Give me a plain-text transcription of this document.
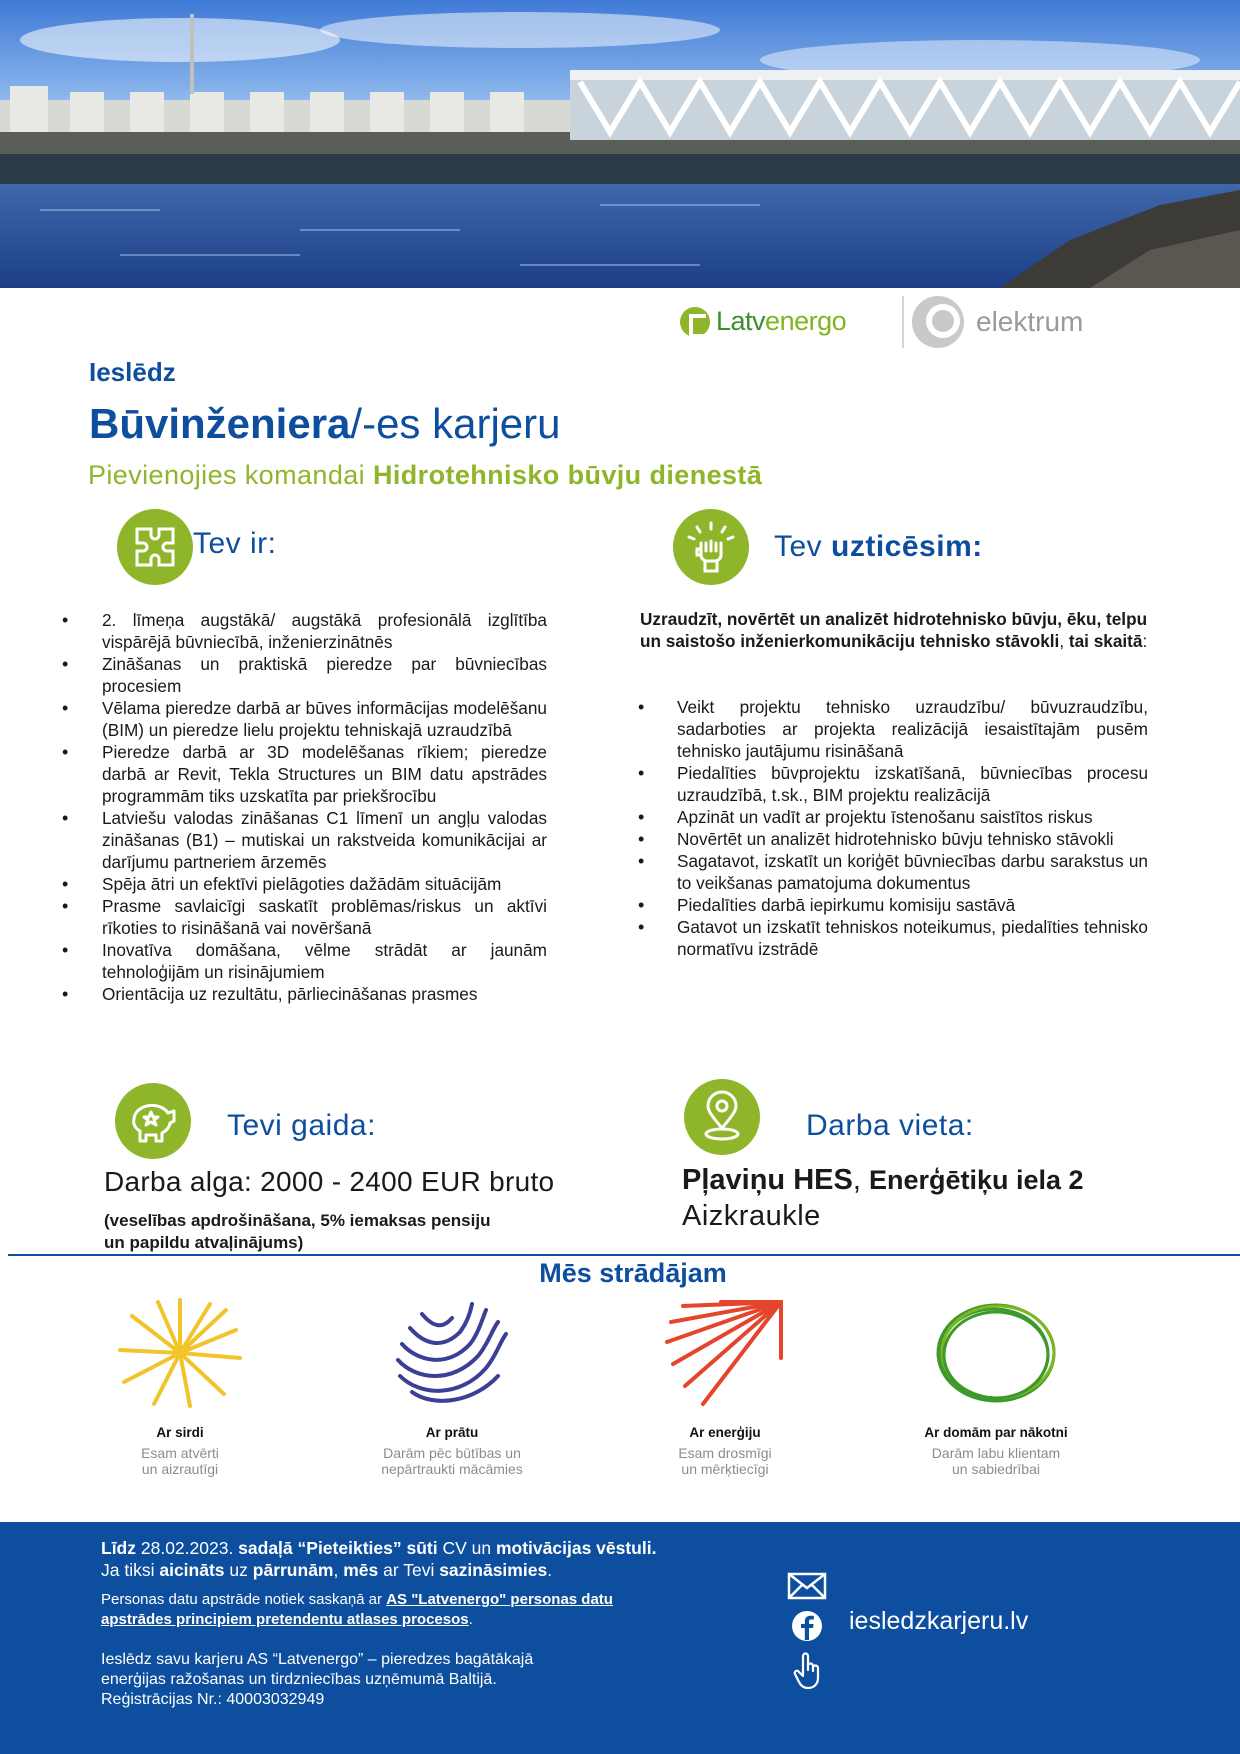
Latvenergo	elektrum
Ieslēdz
Būvinženiera/-es karjeru
Pievienojies komandai Hidrotehnisko būvju dienestā
Tev ir:
• 2. līmeņa augstākā/ augstākā profesionālā izglītība vispārējā būvniecībā, inženierzinātnēs
• Zināšanas un praktiskā pieredze par būvniecības procesiem
• Vēlama pieredze darbā ar būves informācijas modelēšanu (BIM) un pieredze lielu projektu tehniskajā uzraudzībā
• Pieredze darbā ar 3D modelēšanas rīkiem; pieredze darbā ar Revit, Tekla Structures un BIM datu apstrādes programmām tiks uzskatīta par priekšrocību
• Latviešu valodas zināšanas C1 līmenī un angļu valodas zināšanas (B1) – mutiskai un rakstveida komunikācijai ar darījumu partneriem ārzemēs
• Spēja ātri un efektīvi pielāgoties dažādām situācijām
• Prasme savlaicīgi saskatīt problēmas/riskus un aktīvi rīkoties to risināšanā vai novēršanā
• Inovatīva domāšana, vēlme strādāt ar jaunām tehnoloģijām un risinājumiem
• Orientācija uz rezultātu, pārliecināšanas prasmes
Tev uzticēsim:
Uzraudzīt, novērtēt un analizēt hidrotehnisko būvju, ēku, telpu un saistošo inženierkomunikāciju tehnisko stāvokli, tai skaitā:
• Veikt projektu tehnisko uzraudzību/ būvuzraudzību, sadarboties ar projekta realizācijā iesaistītajām pusēm tehnisko jautājumu risināšanā
• Piedalīties būvprojektu izskatīšanā, būvniecības procesu uzraudzībā, t.sk., BIM projektu realizācijā
• Apzināt un vadīt ar projektu īstenošanu saistītos riskus
• Novērtēt un analizēt hidrotehnisko būvju tehnisko stāvokli
• Sagatavot, izskatīt un koriģēt būvniecības darbu sarakstus un to veikšanas pamatojuma dokumentus
• Piedalīties darbā iepirkumu komisiju sastāvā
• Gatavot un izskatīt tehniskos noteikumus, piedalīties tehnisko normatīvu izstrādē
Tevi gaida:
Darba alga: 2000 - 2400 EUR bruto
(veselības apdrošināšana, 5% iemaksas pensiju
un papildu atvaļinājums)
Darba vieta:
Pļaviņu HES, Enerģētiķu iela 2
Aizkraukle
Mēs strādājam
Ar sirdi
Esam atvērti
un aizrautīgi
Ar prātu
Darām pēc būtības un
nepārtraukti mācāmies
Ar enerģiju
Esam drosmīgi
un mērķtiecīgi
Ar domām par nākotni
Darām labu klientam
un sabiedrībai
Līdz 28.02.2023. sadaļā “Pieteikties” sūti CV un motivācijas vēstuli.
Ja tiksi aicināts uz pārrunām, mēs ar Tevi sazināsimies.
Personas datu apstrāde notiek saskaņā ar AS "Latvenergo" personas datu apstrādes principiem pretendentu atlases procesos.
Ieslēdz savu karjeru AS “Latvenergo” – pieredzes bagātākajā
enerģijas ražošanas un tirdzniecības uzņēmumā Baltijā.
Reģistrācijas Nr.: 40003032949
iesledzkarjeru.lv
